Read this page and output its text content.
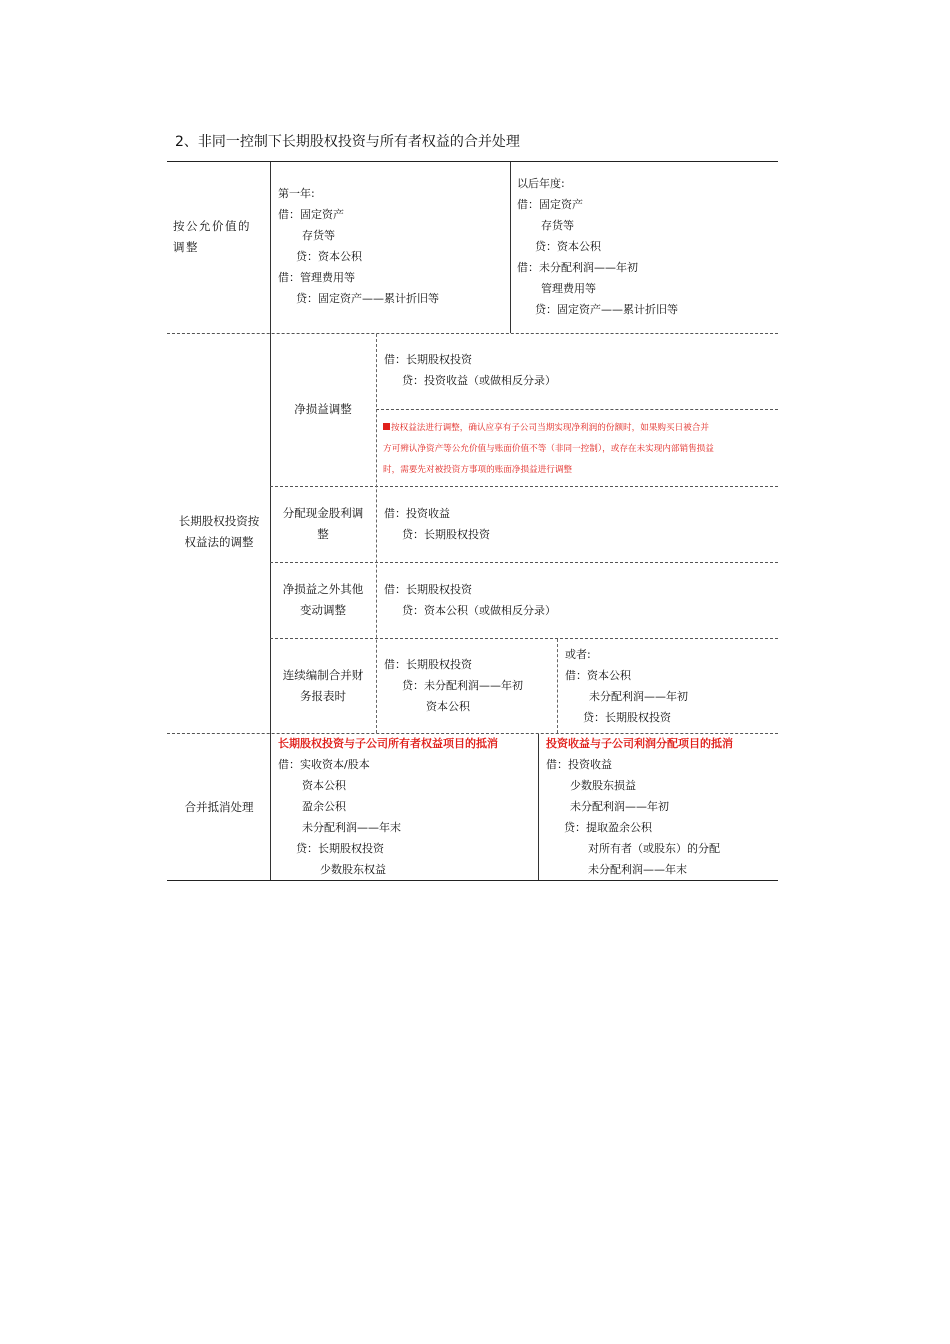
2、非同一控制下长期股权投资与所有者权益的合并处理
按公允价值的
调整
第一年:
借：固定资产
存货等
贷：资本公积
借：管理费用等
贷：固定资产——累计折旧等
以后年度:
借：固定资产
存货等
贷：资本公积
借：未分配利润——年初
管理费用等
贷：固定资产——累计折旧等
长期股权投资按
权益法的调整
净损益调整
借：长期股权投资
贷：投资收益（或做相反分录）
按权益法进行调整，确认应享有子公司当期实现净利润的份额时，如果购买日被合并
方可辨认净资产等公允价值与账面价值不等（非同一控制），或存在未实现内部销售损益
时，需要先对被投资方事项的账面净损益进行调整
分配现金股利调
整
借：投资收益
贷：长期股权投资
净损益之外其他
变动调整
借：长期股权投资
贷：资本公积（或做相反分录）
连续编制合并财
务报表时
借：长期股权投资
贷：未分配利润——年初
资本公积
或者:
借：资本公积
未分配利润——年初
贷：长期股权投资
合并抵消处理
长期股权投资与子公司所有者权益项目的抵消
借：实收资本/股本
资本公积
盈余公积
未分配利润——年末
贷：长期股权投资
少数股东权益
投资收益与子公司利润分配项目的抵消
借：投资收益
少数股东损益
未分配利润——年初
贷：提取盈余公积
对所有者（或股东）的分配
未分配利润——年末
